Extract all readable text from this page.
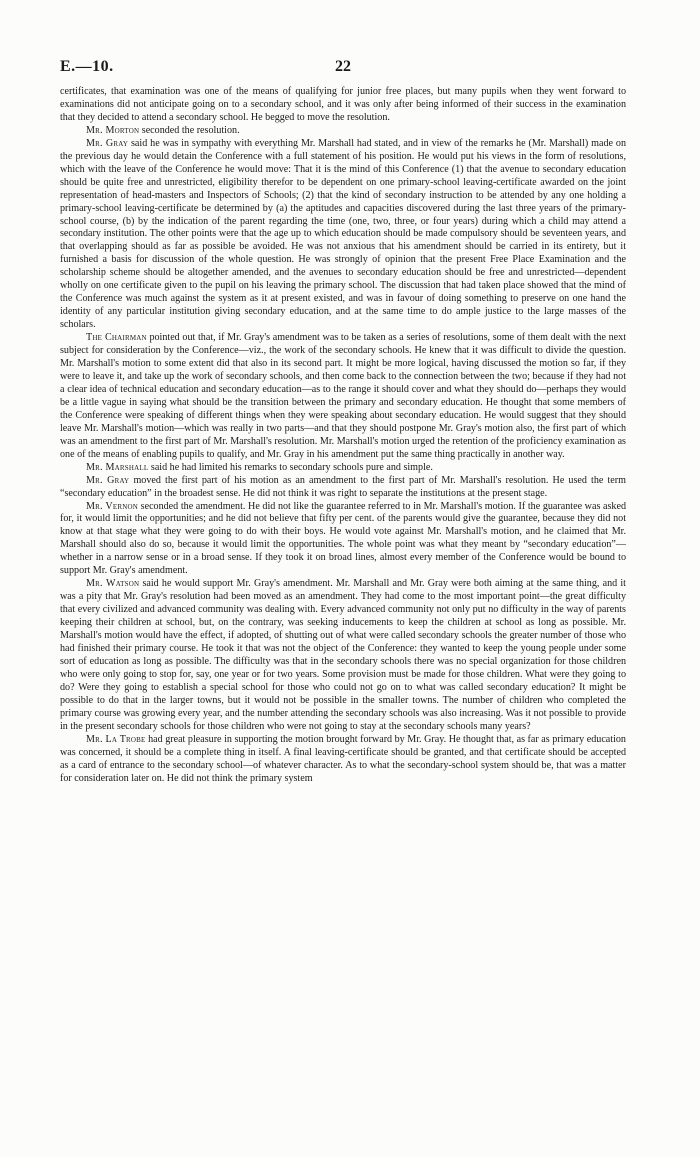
E.—10.	22

certificates, that examination was one of the means of qualifying for junior free places, but many pupils when they went forward to examinations did not anticipate going on to a secondary school, and it was only after being informed of their success in the examination that they decided to attend a secondary school. He begged to move the resolution.

Mr. Morton seconded the resolution.

Mr. Gray said he was in sympathy with everything Mr. Marshall had stated, and in view of the remarks he (Mr. Marshall) made on the previous day he would detain the Conference with a full statement of his position. He would put his views in the form of resolutions, which with the leave of the Conference he would move: That it is the mind of this Conference (1) that the avenue to secondary education should be quite free and unrestricted, eligibility therefor to be dependent on one primary-school leaving-certificate awarded on the joint representation of head-masters and Inspectors of Schools; (2) that the kind of secondary instruction to be attended by any one holding a primary-school leaving-certificate be determined by (a) the aptitudes and capacities discovered during the last three years of the primary-school course, (b) by the indication of the parent regarding the time (one, two, three, or four years) during which a child may attend a secondary institution. The other points were that the age up to which education should be made compulsory should be seventeen years, and that overlapping should as far as possible be avoided. He was not anxious that his amendment should be carried in its entirety, but it furnished a basis for discussion of the whole question. He was strongly of opinion that the present Free Place Examination and the scholarship scheme should be altogether amended, and the avenues to secondary education should be free and unrestricted—dependent wholly on one certificate given to the pupil on his leaving the primary school. The discussion that had taken place showed that the mind of the Conference was much against the system as it at present existed, and was in favour of doing something to preserve on one hand the identity of any particular institution giving secondary education, and at the same time to do ample justice to the large masses of the scholars.

The Chairman pointed out that, if Mr. Gray's amendment was to be taken as a series of resolutions, some of them dealt with the next subject for consideration by the Conference—viz., the work of the secondary schools. He knew that it was difficult to divide the question. Mr. Marshall's motion to some extent did that also in its second part. It might be more logical, having discussed the motion so far, if they were to leave it, and take up the work of secondary schools, and then come back to the connection between the two; because if they had not a clear idea of technical education and secondary education—as to the range it should cover and what they should do—perhaps they would be a little vague in saying what should be the transition between the primary and secondary education. He thought that some members of the Conference were speaking of different things when they were speaking about secondary education. He would suggest that they should leave Mr. Marshall's motion—which was really in two parts—and that they should postpone Mr. Gray's motion also, the first part of which was an amendment to the first part of Mr. Marshall's resolution. Mr. Marshall's motion urged the retention of the proficiency examination as one of the means of enabling pupils to qualify, and Mr. Gray in his amendment put the same thing practically in another way.

Mr. Marshall said he had limited his remarks to secondary schools pure and simple.

Mr. Gray moved the first part of his motion as an amendment to the first part of Mr. Marshall's resolution. He used the term “secondary education” in the broadest sense. He did not think it was right to separate the institutions at the present stage.

Mr. Vernon seconded the amendment. He did not like the guarantee referred to in Mr. Marshall's motion. If the guarantee was asked for, it would limit the opportunities; and he did not believe that fifty per cent. of the parents would give the guarantee, because they did not know at that stage what they were going to do with their boys. He would vote against Mr. Marshall's motion, and he claimed that Mr. Marshall should also do so, because it would limit the opportunities. The whole point was what they meant by “secondary education”—whether in a narrow sense or in a broad sense. If they took it on broad lines, almost every member of the Conference would be bound to support Mr. Gray's amendment.

Mr. Watson said he would support Mr. Gray's amendment. Mr. Marshall and Mr. Gray were both aiming at the same thing, and it was a pity that Mr. Gray's resolution had been moved as an amendment. They had come to the most important point—the great difficulty that every civilized and advanced community was dealing with. Every advanced community not only put no difficulty in the way of parents keeping their children at school, but, on the contrary, was seeking inducements to keep the children at school as long as possible. Mr. Marshall's motion would have the effect, if adopted, of shutting out of what were called secondary schools the greater number of those who had finished their primary course. He took it that was not the object of the Conference: they wanted to keep the young people under some sort of education as long as possible. The difficulty was that in the secondary schools there was no special organization for those children who were only going to stop for, say, one year or for two years. Some provision must be made for those children. What were they going to do? Were they going to establish a special school for those who could not go on to what was called secondary education? It might be possible to do that in the larger towns, but it would not be possible in the smaller towns. The number of children who completed the primary course was growing every year, and the number attending the secondary schools was also increasing. Was it not possible to provide in the present secondary schools for those children who were not going to stay at the secondary schools many years?

Mr. La Trobe had great pleasure in supporting the motion brought forward by Mr. Gray. He thought that, as far as primary education was concerned, it should be a complete thing in itself. A final leaving-certificate should be granted, and that certificate should be accepted as a card of entrance to the secondary school—of whatever character. As to what the secondary-school system should be, that was a matter for consideration later on. He did not think the primary system
